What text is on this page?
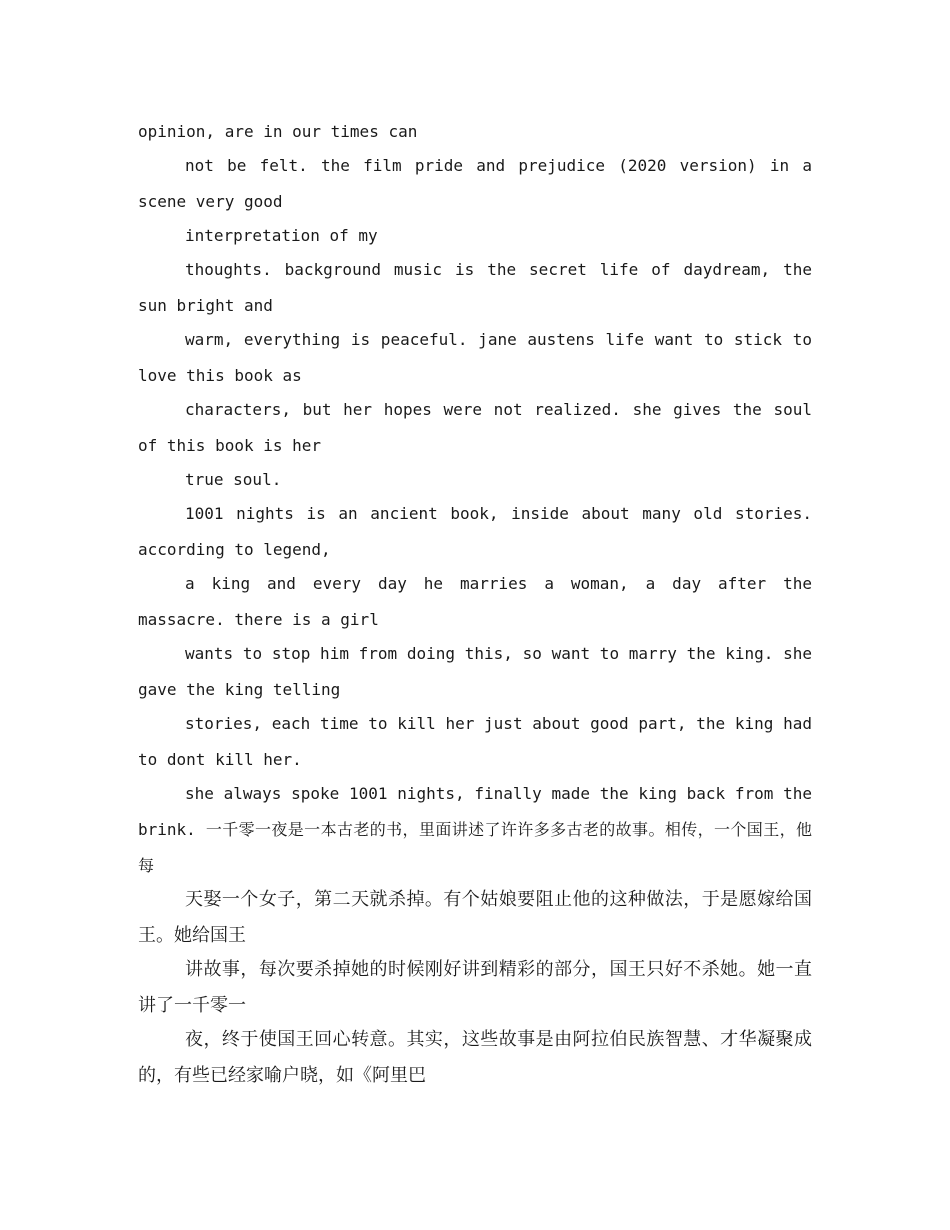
opinion, are in our times can

not be felt. the film pride and prejudice (2020 version) in a scene very good

interpretation of my

thoughts. background music is the secret life of daydream, the sun bright and

warm, everything is peaceful. jane austens life want to stick to love this book as

characters, but her hopes were not realized. she gives the soul of this book is her

true soul.

1001 nights is an ancient book, inside about many old stories. according to legend,

a king and every day he marries a woman, a day after the massacre. there is a girl

wants to stop him from doing this, so want to marry the king. she gave the king telling

stories, each time to kill her just about good part, the king had to dont kill her.

she always spoke 1001 nights, finally made the king back from the brink. 一千零一夜是一本古老的书，里面讲述了许许多多古老的故事。相传，一个国王，他每

天娶一个女子，第二天就杀掉。有个姑娘要阻止他的这种做法，于是愿嫁给国王。她给国王

讲故事，每次要杀掉她的时候刚好讲到精彩的部分，国王只好不杀她。她一直讲了一千零一

夜，终于使国王回心转意。其实，这些故事是由阿拉伯民族智慧、才华凝聚成的，有些已经家喻户晓，如《阿里巴
